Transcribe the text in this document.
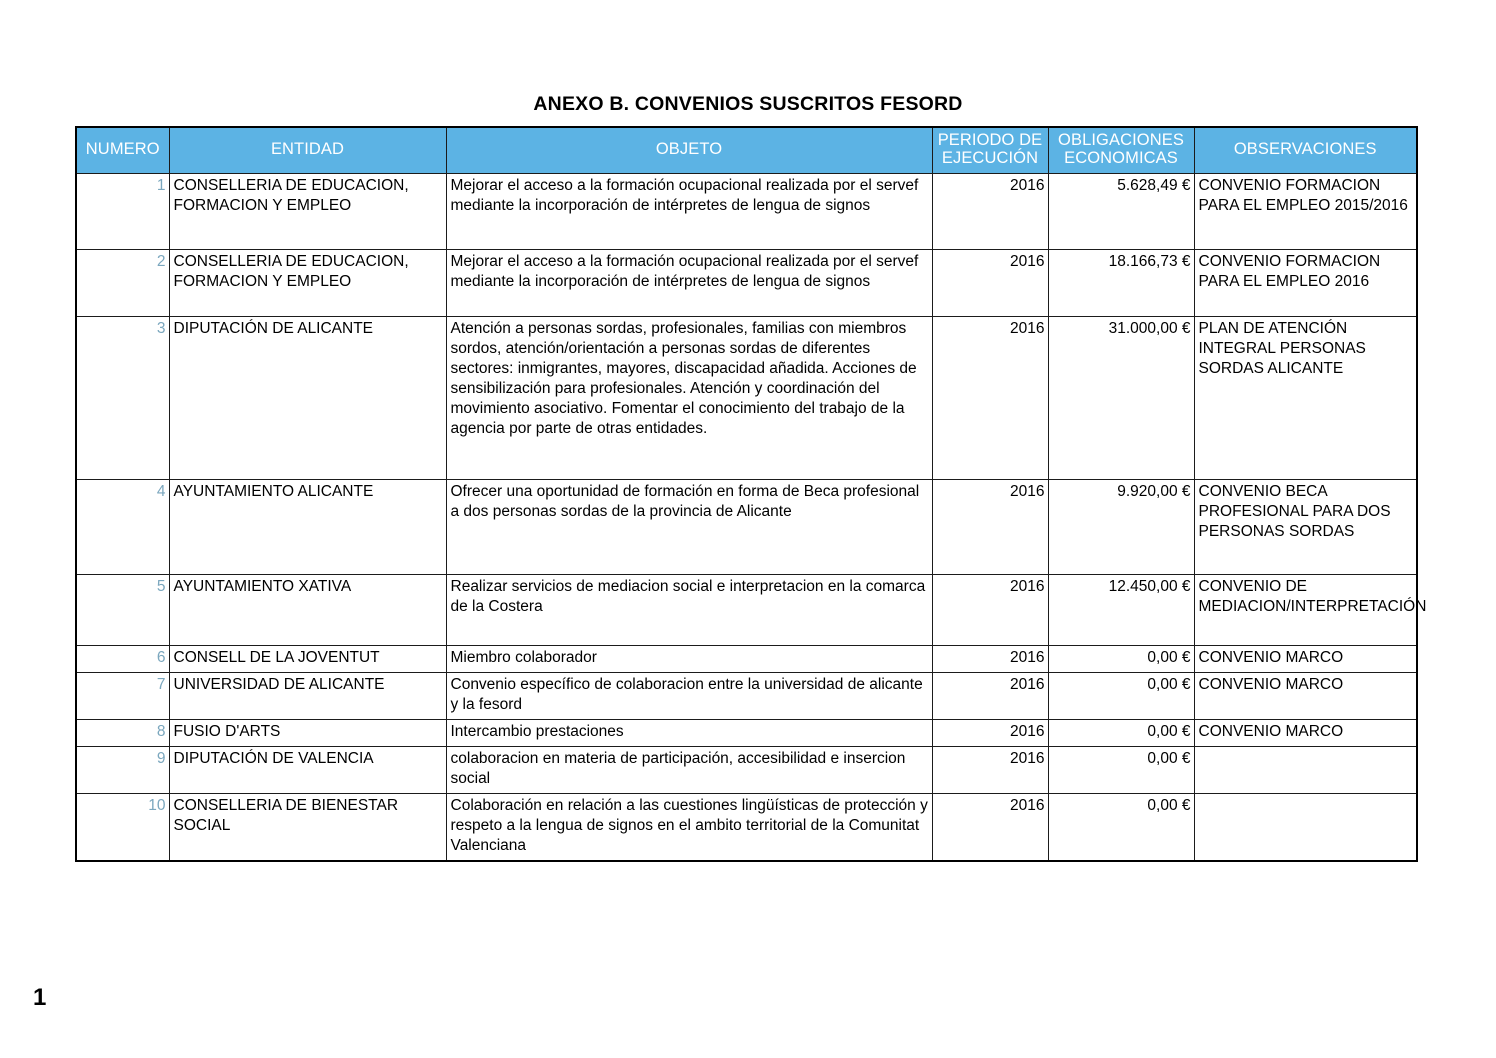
ANEXO B. CONVENIOS SUSCRITOS FESORD
NUMERO	ENTIDAD	OBJETO	PERIODO DE EJECUCIÓN	OBLIGACIONES ECONOMICAS	OBSERVACIONES
1	CONSELLERIA DE EDUCACION, FORMACION Y EMPLEO	Mejorar el acceso a la formación ocupacional realizada por el servef mediante la incorporación de intérpretes de lengua de signos	2016	5.628,49 €	CONVENIO FORMACION PARA EL EMPLEO 2015/2016
2	CONSELLERIA DE EDUCACION, FORMACION Y EMPLEO	Mejorar el acceso a la formación ocupacional realizada por el servef mediante la incorporación de intérpretes de lengua de signos	2016	18.166,73 €	CONVENIO FORMACION PARA EL EMPLEO 2016
3	DIPUTACIÓN DE ALICANTE	Atención a personas sordas, profesionales, familias con miembros sordos, atención/orientación a personas sordas de diferentes sectores: inmigrantes, mayores, discapacidad añadida. Acciones de sensibilización para profesionales. Atención y coordinación del movimiento asociativo. Fomentar el conocimiento del trabajo de la agencia por parte de otras entidades.	2016	31.000,00 €	PLAN DE ATENCIÓN INTEGRAL PERSONAS SORDAS ALICANTE
4	AYUNTAMIENTO ALICANTE	Ofrecer una oportunidad de formación en forma de Beca profesional a dos personas sordas de la provincia de Alicante	2016	9.920,00 €	CONVENIO BECA PROFESIONAL PARA DOS PERSONAS SORDAS
5	AYUNTAMIENTO XATIVA	Realizar servicios de mediacion social e interpretacion en la comarca de la Costera	2016	12.450,00 €	CONVENIO DE MEDIACION/INTERPRETACIÓN
6	CONSELL DE LA JOVENTUT	Miembro colaborador	2016	0,00 €	CONVENIO MARCO
7	UNIVERSIDAD DE ALICANTE	Convenio específico de colaboracion entre la universidad de alicante y la fesord	2016	0,00 €	CONVENIO MARCO
8	FUSIO D'ARTS	Intercambio prestaciones	2016	0,00 €	CONVENIO MARCO
9	DIPUTACIÓN DE VALENCIA	colaboracion en materia de participación, accesibilidad e insercion social	2016	0,00 €	
10	CONSELLERIA DE BIENESTAR SOCIAL	Colaboración en relación a las cuestiones lingüísticas de protección y respeto a la lengua de signos en el ambito territorial de la Comunitat Valenciana	2016	0,00 €	
1
